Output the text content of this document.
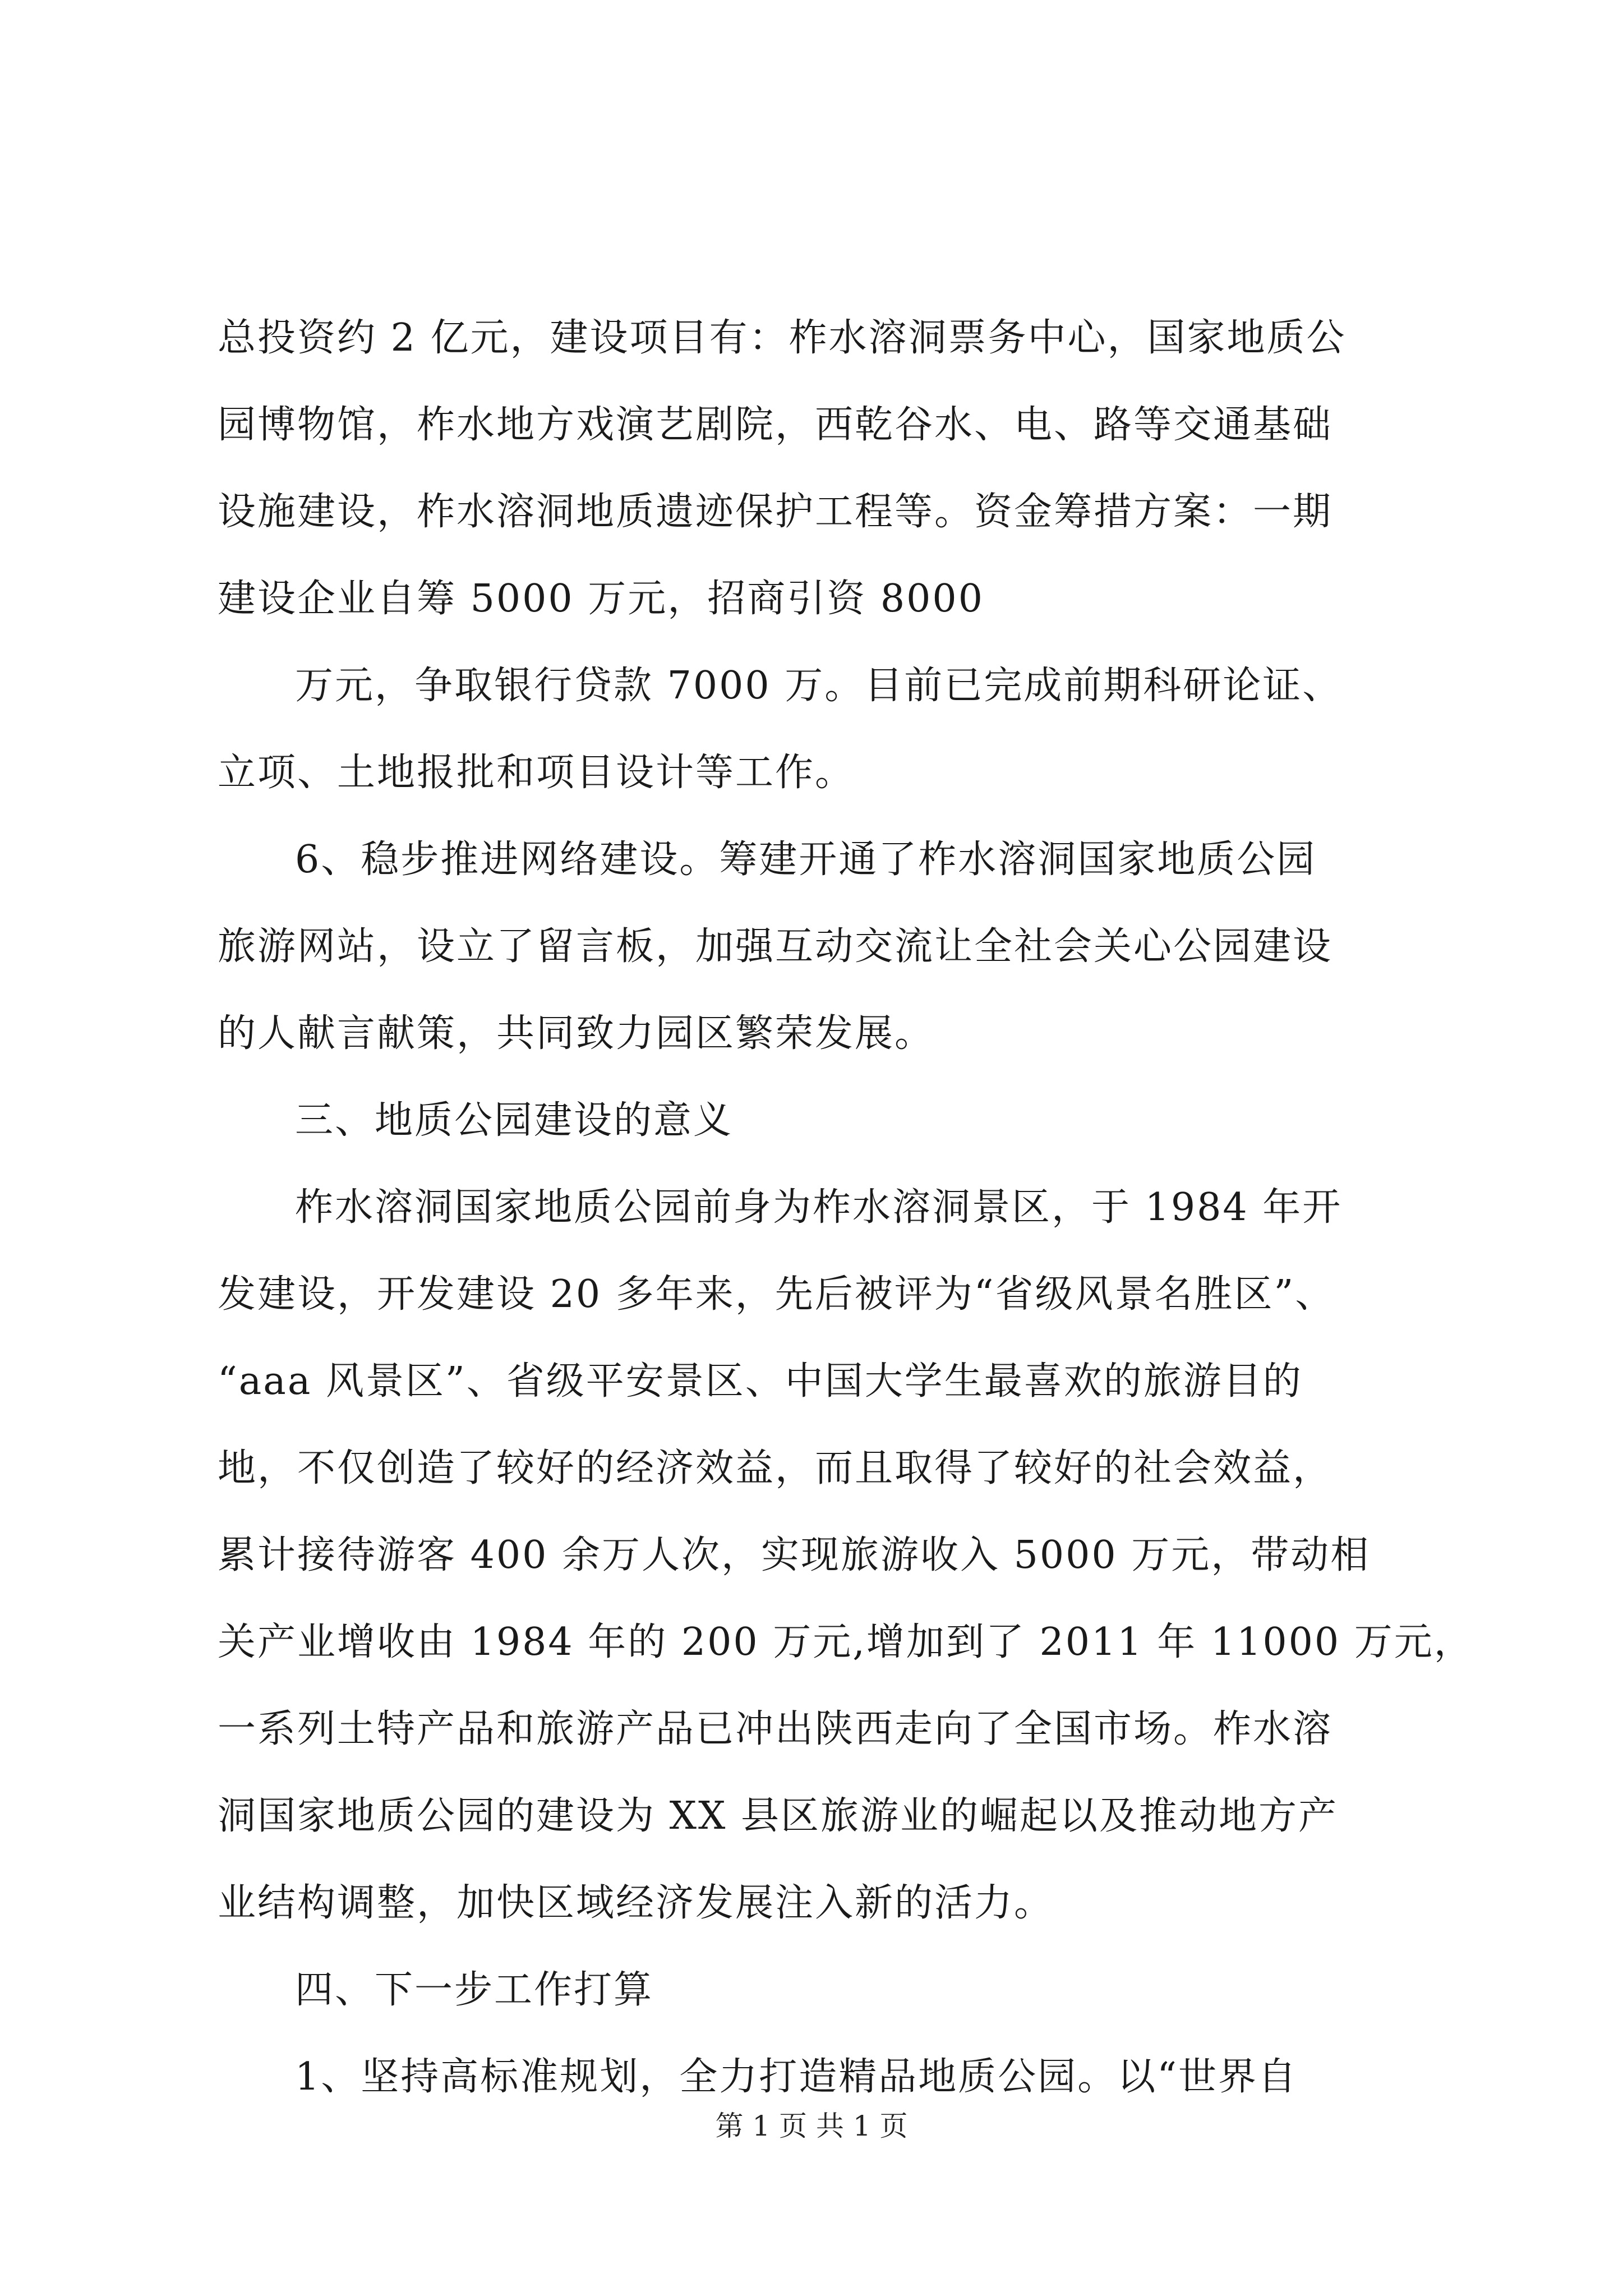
总投资约 2 亿元，建设项目有：柞水溶洞票务中心，国家地质公
园博物馆，柞水地方戏演艺剧院，西乾谷水、电、路等交通基础
设施建设，柞水溶洞地质遗迹保护工程等。资金筹措方案：一期
建设企业自筹 5000 万元，招商引资 8000
万元，争取银行贷款 7000 万。目前已完成前期科研论证、
立项、土地报批和项目设计等工作。
6、稳步推进网络建设。筹建开通了柞水溶洞国家地质公园
旅游网站，设立了留言板，加强互动交流让全社会关心公园建设
的人献言献策，共同致力园区繁荣发展。
三、地质公园建设的意义
柞水溶洞国家地质公园前身为柞水溶洞景区，于 1984 年开
发建设，开发建设 20 多年来，先后被评为“省级风景名胜区”、
“aaa 风景区”、省级平安景区、中国大学生最喜欢的旅游目的
地，不仅创造了较好的经济效益，而且取得了较好的社会效益，
累计接待游客 400 余万人次，实现旅游收入 5000 万元，带动相
关产业增收由 1984 年的 200 万元,增加到了 2011 年 11000 万元，
一系列土特产品和旅游产品已冲出陕西走向了全国市场。柞水溶
洞国家地质公园的建设为 XX 县区旅游业的崛起以及推动地方产
业结构调整，加快区域经济发展注入新的活力。
四、下一步工作打算
1、坚持高标准规划，全力打造精品地质公园。以“世界自
第 1 页 共 1 页
